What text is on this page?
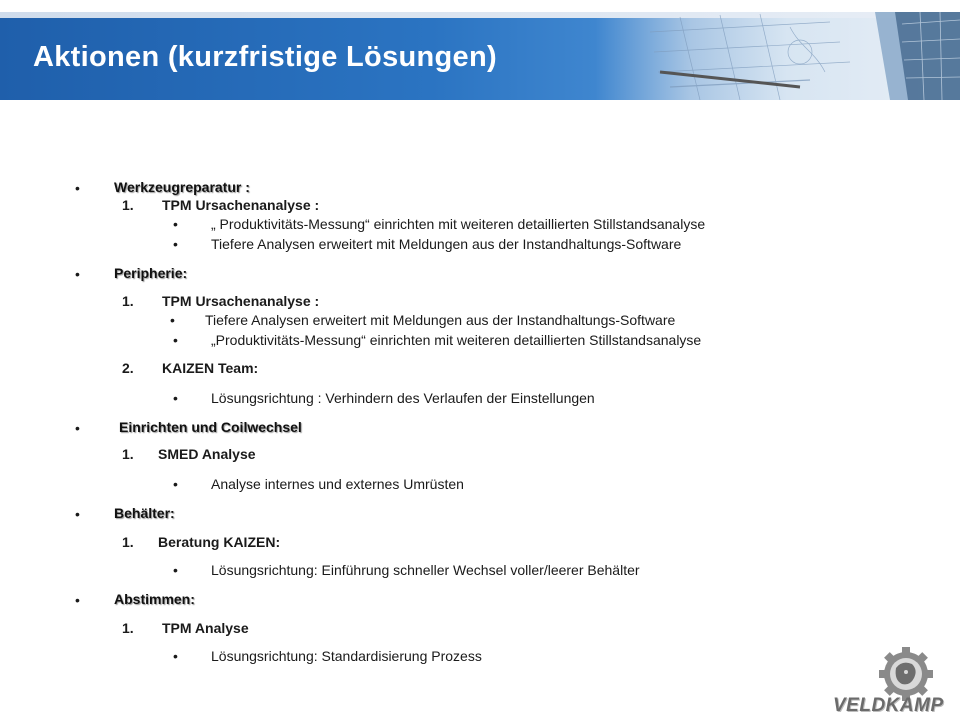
Aktionen (kurzfristige Lösungen)
• Werkzeugreparatur :
1. TPM Ursachenanalyse :
• „ Produktivitäts-Messung“ einrichten mit weiteren detaillierten Stillstandsanalyse
• Tiefere Analysen erweitert mit Meldungen aus der Instandhaltungs-Software
• Peripherie:
1. TPM Ursachenanalyse :
• Tiefere Analysen erweitert mit Meldungen aus der Instandhaltungs-Software
• „Produktivitäts-Messung“ einrichten mit weiteren detaillierten Stillstandsanalyse
2. KAIZEN Team:
• Lösungsrichtung : Verhindern des Verlaufen der Einstellungen
•	Einrichten und Coilwechsel
1. SMED Analyse
• Analyse internes und externes Umrüsten
• Behälter:
1. Beratung KAIZEN:
• Lösungsrichtung: Einführung schneller Wechsel voller/leerer Behälter
• Abstimmen:
1. TPM Analyse
• Lösungsrichtung: Standardisierung Prozess
VELDKAMP
